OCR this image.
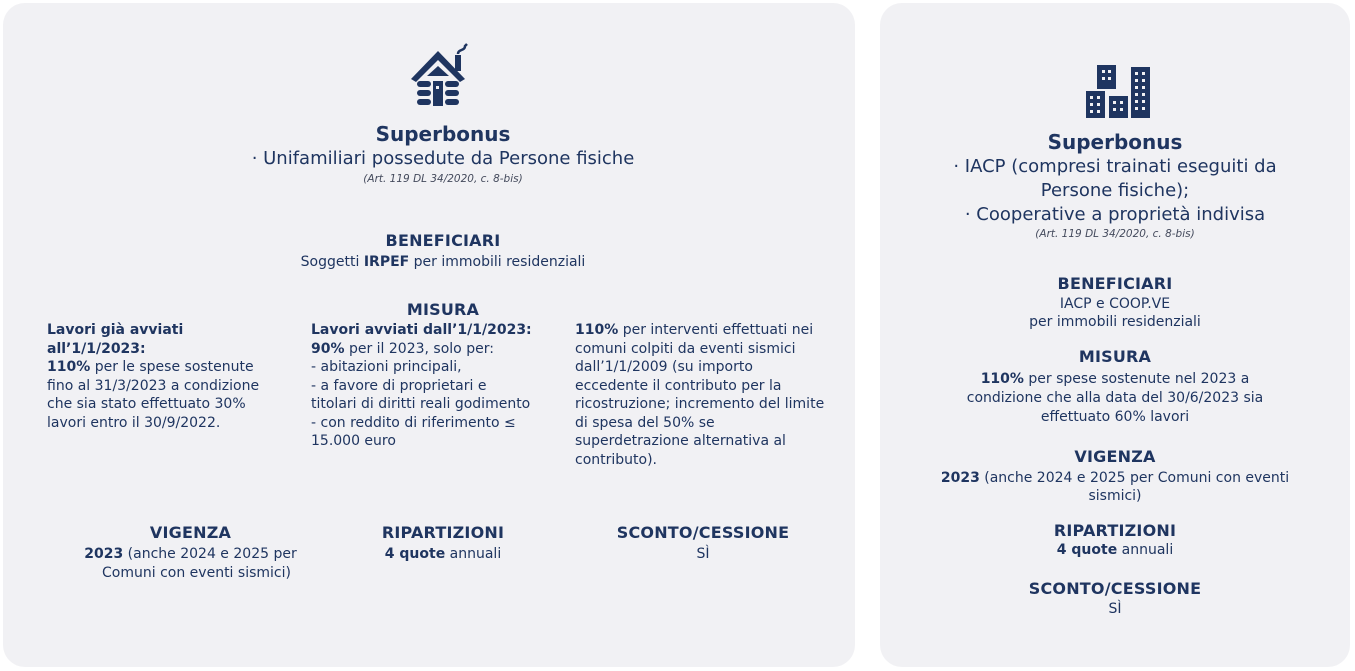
Superbonus
· Unifamiliari possedute da Persone fisiche
(Art. 119 DL 34/2020, c. 8-bis)
BENEFICIARI
Soggetti IRPEF per immobili residenziali
MISURA
Lavori già avviati all’1/1/2023:
110% per le spese sostenute fino al 31/3/2023 a condizione che sia stato effettuato 30% lavori entro il 30/9/2022.
Lavori avviati dall’1/1/2023:
90% per il 2023, solo per:
- abitazioni principali,
- a favore di proprietari e titolari di diritti reali godimento
- con reddito di riferimento ≤ 15.000 euro
110% per interventi effettuati nei comuni colpiti da eventi sismici dall’1/1/2009 (su importo eccedente il contributo per la ricostruzione; incremento del limite di spesa del 50% se superdetrazione alternativa al contributo).
VIGENZA
2023 (anche 2024 e 2025 per
Comuni con eventi sismici)
RIPARTIZIONI
4 quote annuali
SCONTO/CESSIONE
SÌ
Superbonus
· IACP (compresi trainati eseguiti da
Persone fisiche);
· Cooperative a proprietà indivisa
(Art. 119 DL 34/2020, c. 8-bis)
BENEFICIARI
IACP e COOP.VE
per immobili residenziali
MISURA
110% per spese sostenute nel 2023 a
condizione che alla data del 30/6/2023 sia
effettuato 60% lavori
VIGENZA
2023 (anche 2024 e 2025 per Comuni con eventi
sismici)
RIPARTIZIONI
4 quote annuali
SCONTO/CESSIONE
SÌ
